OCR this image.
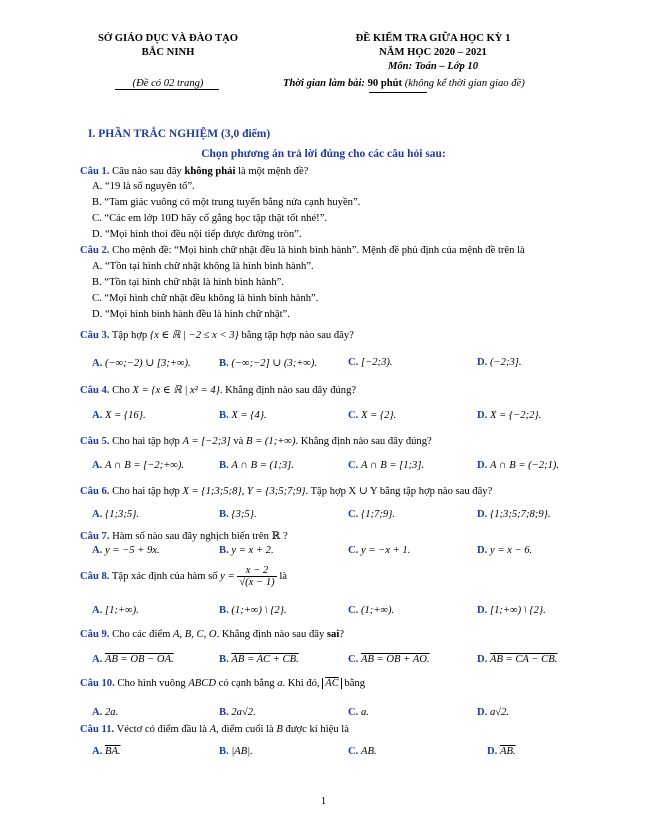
SỞ GIÁO DỤC VÀ ĐÀO TẠO
BẮC NINH
(Đề có 02 trang)
ĐỀ KIỂM TRA GIỮA HỌC KỲ 1
NĂM HỌC 2020 – 2021
Môn: Toán – Lớp 10
Thời gian làm bài: 90 phút (không kể thời gian giao đề)
I. PHẦN TRẮC NGHIỆM (3,0 điểm)
Chọn phương án trả lời đúng cho các câu hỏi sau:
Câu 1. Câu nào sau đây không phải là một mệnh đề?
A. “19 là số nguyên tố”.
B. “Tam giác vuông có một trung tuyến bằng nửa cạnh huyền”.
C. “Các em lớp 10D hãy cố gắng học tập thật tốt nhé!”.
D. “Mọi hình thoi đều nội tiếp được đường tròn”.
Câu 2. Cho mệnh đề: “Mọi hình chữ nhật đều là hình bình hành”. Mệnh đề phủ định của mệnh đề trên là
A. “Tồn tại hình chữ nhật không là hình bình hành”.
B. “Tồn tại hình chữ nhật là hình bình hành”.
C. “Mọi hình chữ nhật đều không là hình bình hành”.
D. “Mọi hình bình hành đều là hình chữ nhật”.
Câu 3. Tập hợp {x ∈ ℝ | −2 ≤ x < 3} bằng tập hợp nào sau đây?
A. (−∞;−2) ∪ [3;+∞).	B. (−∞;−2] ∪ (3;+∞).	C. [−2;3).	D. (−2;3].
Câu 4. Cho X = {x ∈ ℝ | x² = 4}. Khẳng định nào sau đây đúng?
A. X = {16}.	B. X = {4}.	C. X = {2}.	D. X = {−2;2}.
Câu 5. Cho hai tập hợp A = [−2;3] và B = (1;+∞). Khẳng định nào sau đây đúng?
A. A ∩ B = [−2;+∞).	B. A ∩ B = (1;3].	C. A ∩ B = [1;3].	D. A ∩ B = (−2;1).
Câu 6. Cho hai tập hợp X = {1;3;5;8}, Y = {3;5;7;9}. Tập hợp X ∪ Y bằng tập hợp nào sau đây?
A. {1;3;5}.	B. {3;5}.	C. {1;7;9}.	D. {1;3;5;7;8;9}.
Câu 7. Hàm số nào sau đây nghịch biến trên ℝ ?
A. y = −5 + 9x.	B. y = x + 2.	C. y = −x + 1.	D. y = x − 6.
Câu 8. Tập xác định của hàm số $y = \frac{x - 2}{√(x - 1)}$ là
A. [1;+∞).	B. (1;+∞) \ {2}.	C. (1;+∞).	D. [1;+∞) \ {2}.
Câu 9. Cho các điểm A, B, C, O. Khẳng định nào sau đây sai?
A. AB = OB − OA.	B. AB = AC + CB.	C. AB = OB + AO.	D. AB = CA − CB.
Câu 10. Cho hình vuông ABCD có cạnh bằng a. Khi đó, $\overline{AC}$ bằng
A. 2a.	B. 2a√2.	C. a.	D. a√2.
Câu 11. Véctơ có điểm đầu là A, điểm cuối là B được kí hiệu là
A. BA.	B. |AB|.	C. AB.	D. AB.
1
